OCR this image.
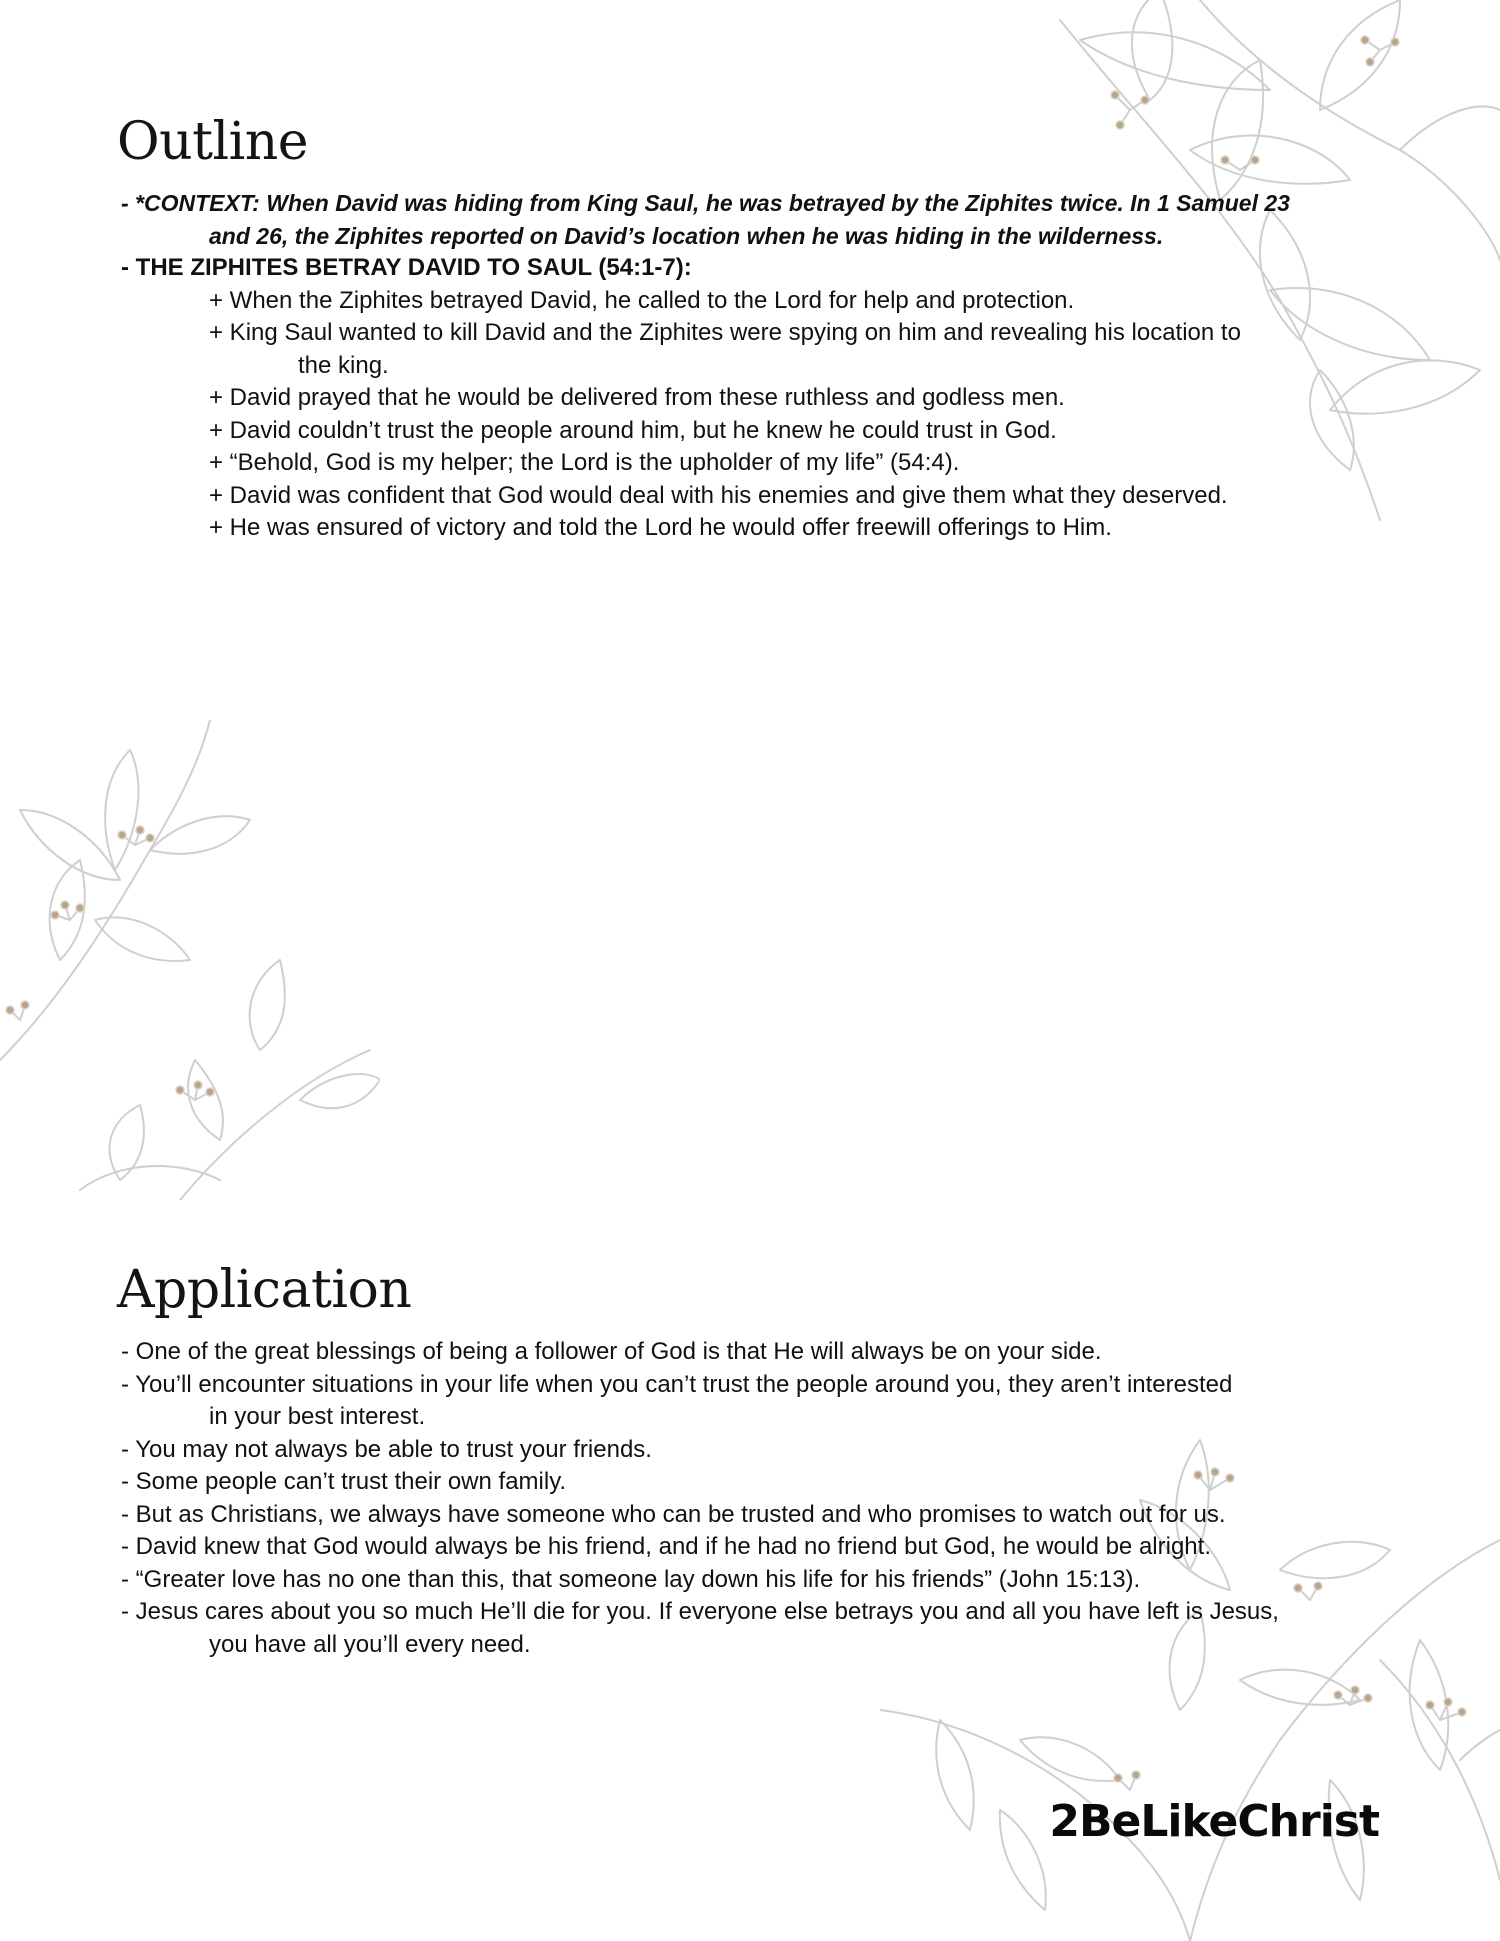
Outline
- *CONTEXT: When David was hiding from King Saul, he was betrayed by the Ziphites twice. In 1 Samuel 23
and 26, the Ziphites reported on David’s location when he was hiding in the wilderness.
- THE ZIPHITES BETRAY DAVID TO SAUL (54:1-7):
+ When the Ziphites betrayed David, he called to the Lord for help and protection.
+ King Saul wanted to kill David and the Ziphites were spying on him and revealing his location to
the king.
+ David prayed that he would be delivered from these ruthless and godless men.
+ David couldn’t trust the people around him, but he knew he could trust in God.
+ “Behold, God is my helper; the Lord is the upholder of my life” (54:4).
+ David was confident that God would deal with his enemies and give them what they deserved.
+ He was ensured of victory and told the Lord he would offer freewill offerings to Him.
Application
- One of the great blessings of being a follower of God is that He will always be on your side.
- You’ll encounter situations in your life when you can’t trust the people around you, they aren’t interested
in your best interest.
- You may not always be able to trust your friends.
- Some people can’t trust their own family.
- But as Christians, we always have someone who can be trusted and who promises to watch out for us.
- David knew that God would always be his friend, and if he had no friend but God, he would be alright.
- “Greater love has no one than this, that someone lay down his life for his friends” (John 15:13).
- Jesus cares about you so much He’ll die for you. If everyone else betrays you and all you have left is Jesus,
you have all you’ll every need.
2BeLikeChrist
